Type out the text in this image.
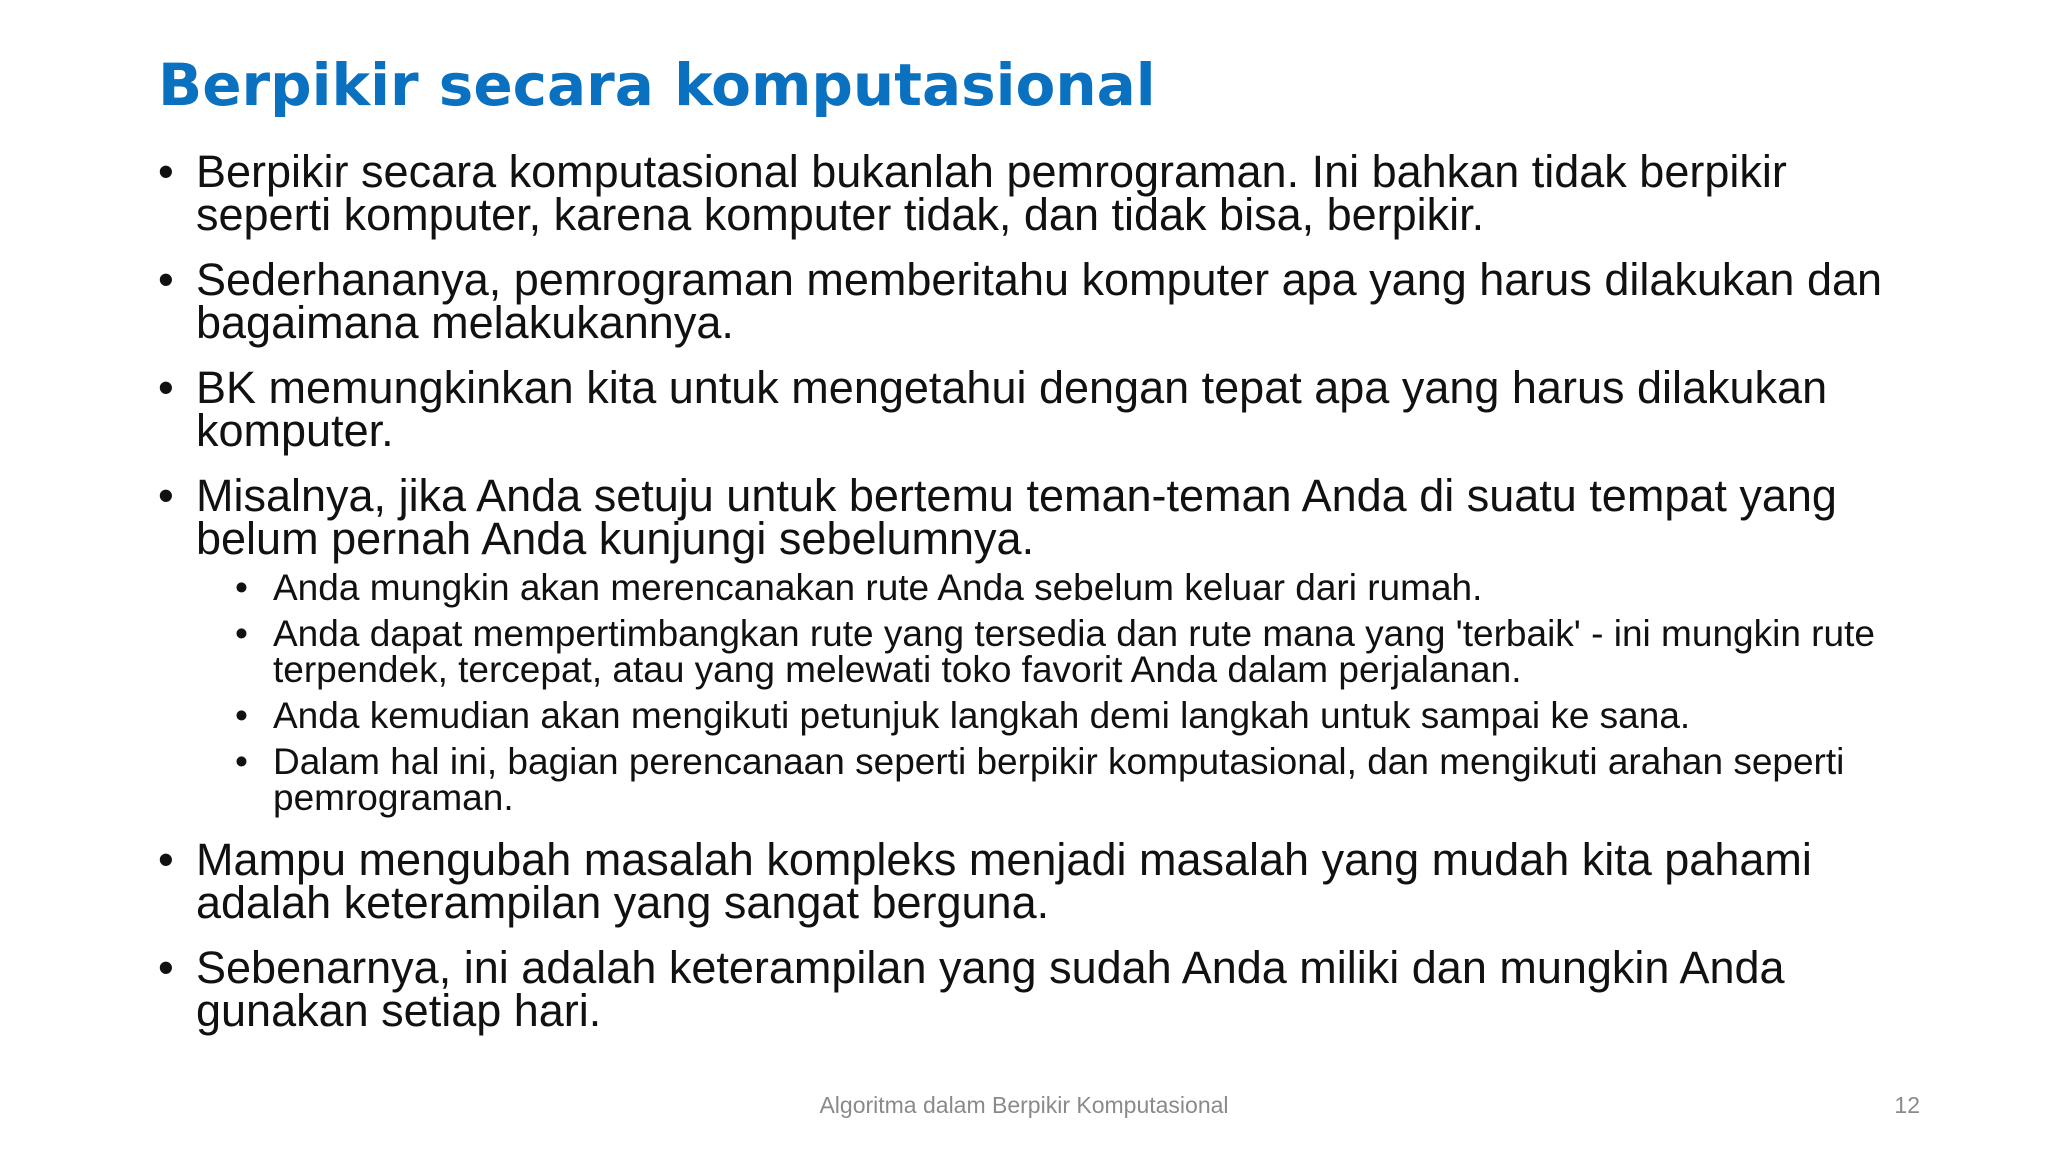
Berpikir secara komputasional
• Berpikir secara komputasional bukanlah pemrograman. Ini bahkan tidak berpikir seperti komputer, karena komputer tidak, dan tidak bisa, berpikir.
• Sederhananya, pemrograman memberitahu komputer apa yang harus dilakukan dan bagaimana melakukannya.
• BK memungkinkan kita untuk mengetahui dengan tepat apa yang harus dilakukan komputer.
• Misalnya, jika Anda setuju untuk bertemu teman-teman Anda di suatu tempat yang belum pernah Anda kunjungi sebelumnya.
• Anda mungkin akan merencanakan rute Anda sebelum keluar dari rumah.
• Anda dapat mempertimbangkan rute yang tersedia dan rute mana yang 'terbaik' - ini mungkin rute terpendek, tercepat, atau yang melewati toko favorit Anda dalam perjalanan.
• Anda kemudian akan mengikuti petunjuk langkah demi langkah untuk sampai ke sana.
• Dalam hal ini, bagian perencanaan seperti berpikir komputasional, dan mengikuti arahan seperti pemrograman.
• Mampu mengubah masalah kompleks menjadi masalah yang mudah kita pahami adalah keterampilan yang sangat berguna.
• Sebenarnya, ini adalah keterampilan yang sudah Anda miliki dan mungkin Anda gunakan setiap hari.
Algoritma dalam Berpikir Komputasional	12
